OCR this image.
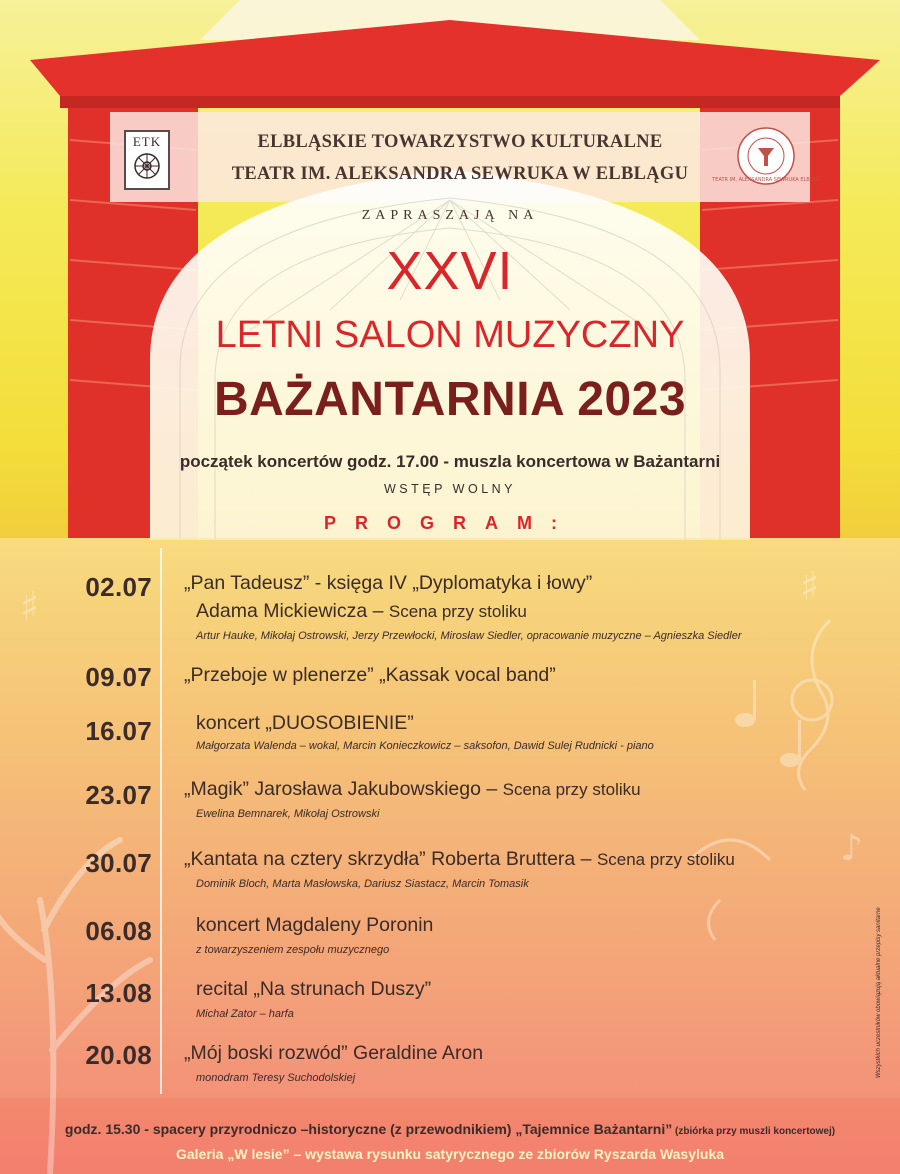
♯
♯
♪
ETK
TEATR IM. ALEKSANDRA SEWRUKA ELBLĄG
ELBLĄSKIE TOWARZYSTWO KULTURALNE
TEATR IM. ALEKSANDRA SEWRUKA W ELBLĄGU
ZAPRASZAJĄ NA
XXVI
LETNI SALON MUZYCZNY
BAŻANTARNIA 2023
początek koncertów godz. 17.00 - muszla koncertowa w Bażantarni
WSTĘP WOLNY
PROGRAM:
02.07 „Pan Tadeusz” - księga IV „Dyplomatyka i łowy”
Adama Mickiewicza – Scena przy stoliku
Artur Hauke, Mikołaj Ostrowski, Jerzy Przewłocki, Mirosław Siedler, opracowanie muzyczne – Agnieszka Siedler
09.07 „Przeboje w plenerze” „Kassak vocal band”
16.07 koncert „DUOSOBIENIE”
Małgorzata Walenda – wokal, Marcin Konieczkowicz – saksofon, Dawid Sulej Rudnicki - piano
23.07 „Magik” Jarosława Jakubowskiego – Scena przy stoliku
Ewelina Bemnarek, Mikołaj Ostrowski
30.07 „Kantata na cztery skrzydła” Roberta Bruttera – Scena przy stoliku
Dominik Bloch, Marta Masłowska, Dariusz Siastacz, Marcin Tomasik
06.08 koncert Magdaleny Poronin
z towarzyszeniem zespołu muzycznego
13.08 recital „Na strunach Duszy”
Michał Zator – harfa
20.08 „Mój boski rozwód” Geraldine Aron
monodram Teresy Suchodolskiej
godz. 15.30 - spacery przyrodniczo –historyczne (z przewodnikiem) „Tajemnice Bażantarni” (zbiórka przy muszli koncertowej)
Galeria „W lesie” – wystawa rysunku satyrycznego ze zbiorów Ryszarda Wasyluka
Wszystkich uczestników obowiązują aktualne przepisy sanitarne
